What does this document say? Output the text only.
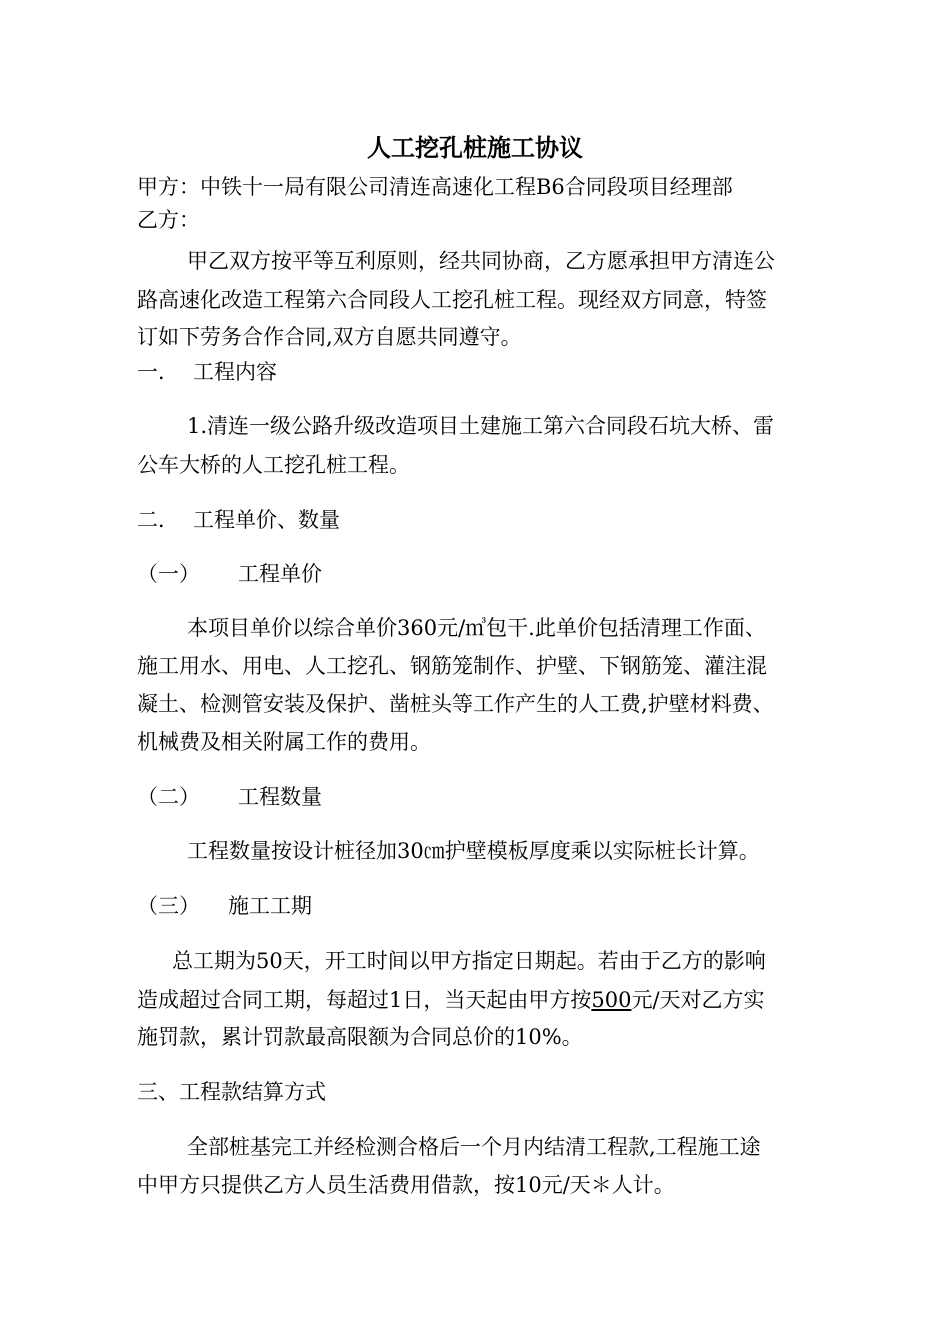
人工挖孔桩施工协议
甲方：中铁十一局有限公司清连高速化工程B6合同段项目经理部
乙方：
甲乙双方按平等互利原则，经共同协商，乙方愿承担甲方清连公
路高速化改造工程第六合同段人工挖孔桩工程。现经双方同意，特签
订如下劳务合作合同,双方自愿共同遵守。
一． 工程内容
1.清连一级公路升级改造项目土建施工第六合同段石坑大桥、雷
公车大桥的人工挖孔桩工程。
二． 工程单价、数量
（一） 工程单价
本项目单价以综合单价360元/㎥包干.此单价包括清理工作面、
施工用水、用电、人工挖孔、钢筋笼制作、护壁、下钢筋笼、灌注混
凝土、检测管安装及保护、凿桩头等工作产生的人工费,护壁材料费、
机械费及相关附属工作的费用。
（二） 工程数量
工程数量按设计桩径加30㎝护壁模板厚度乘以实际桩长计算。
（三） 施工工期
总工期为50天，开工时间以甲方指定日期起。若由于乙方的影响
造成超过合同工期，每超过1日，当天起由甲方按500元/天对乙方实
施罚款，累计罚款最高限额为合同总价的10%。
三、工程款结算方式
全部桩基完工并经检测合格后一个月内结清工程款,工程施工途
中甲方只提供乙方人员生活费用借款，按10元/天＊人计。
